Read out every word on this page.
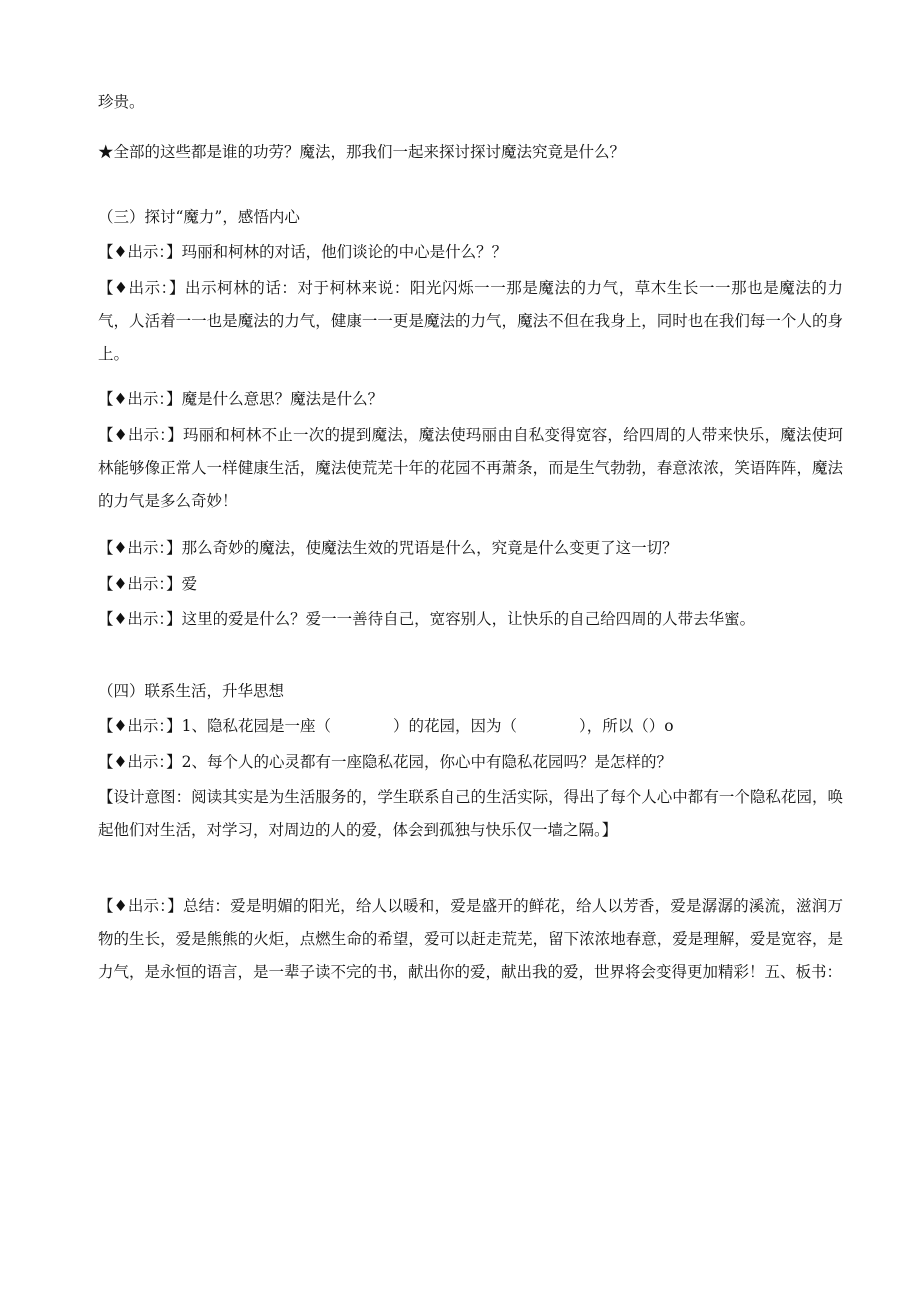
珍贵。
★全部的这些都是谁的功劳？魔法，那我们一起来探讨探讨魔法究竟是什么？
（三）探讨“魔力”，感悟内心
【♦出示：】玛丽和柯林的对话，他们谈论的中心是什么？？
【♦出示：】出示柯林的话：对于柯林来说：阳光闪烁一一那是魔法的力气，草木生长一一那也是魔法的力气，人活着一一也是魔法的力气，健康一一更是魔法的力气，魔法不但在我身上，同时也在我们每一个人的身上。
【♦出示：】魔是什么意思？魔法是什么？
【♦出示：】玛丽和柯林不止一次的提到魔法，魔法使玛丽由自私变得宽容，给四周的人带来快乐，魔法使珂林能够像正常人一样健康生活，魔法使荒芜十年的花园不再萧条，而是生气勃勃，春意浓浓，笑语阵阵，魔法的力气是多么奇妙！
【♦出示：】那么奇妙的魔法，使魔法生效的咒语是什么，究竟是什么变更了这一切？
【♦出示：】爱
【♦出示：】这里的爱是什么？爱一一善待自己，宽容别人，让快乐的自己给四周的人带去华蜜。
（四）联系生活，升华思想
【♦出示：】1、隐私花园是一座（　　　　）的花园，因为（　　　　），所以（）o
【♦出示：】2、每个人的心灵都有一座隐私花园，你心中有隐私花园吗？是怎样的？
【设计意图：阅读其实是为生活服务的，学生联系自己的生活实际，得出了每个人心中都有一个隐私花园，唤起他们对生活，对学习，对周边的人的爱，体会到孤独与快乐仅一墙之隔。】
【♦出示：】总结：爱是明媚的阳光，给人以暖和，爱是盛开的鲜花，给人以芳香，爱是潺潺的溪流，滋润万物的生长，爱是熊熊的火炬，点燃生命的希望，爱可以赶走荒芜，留下浓浓地春意，爱是理解，爱是宽容，是力气，是永恒的语言，是一辈子读不完的书，献出你的爱，献出我的爱，世界将会变得更加精彩！五、板书：
